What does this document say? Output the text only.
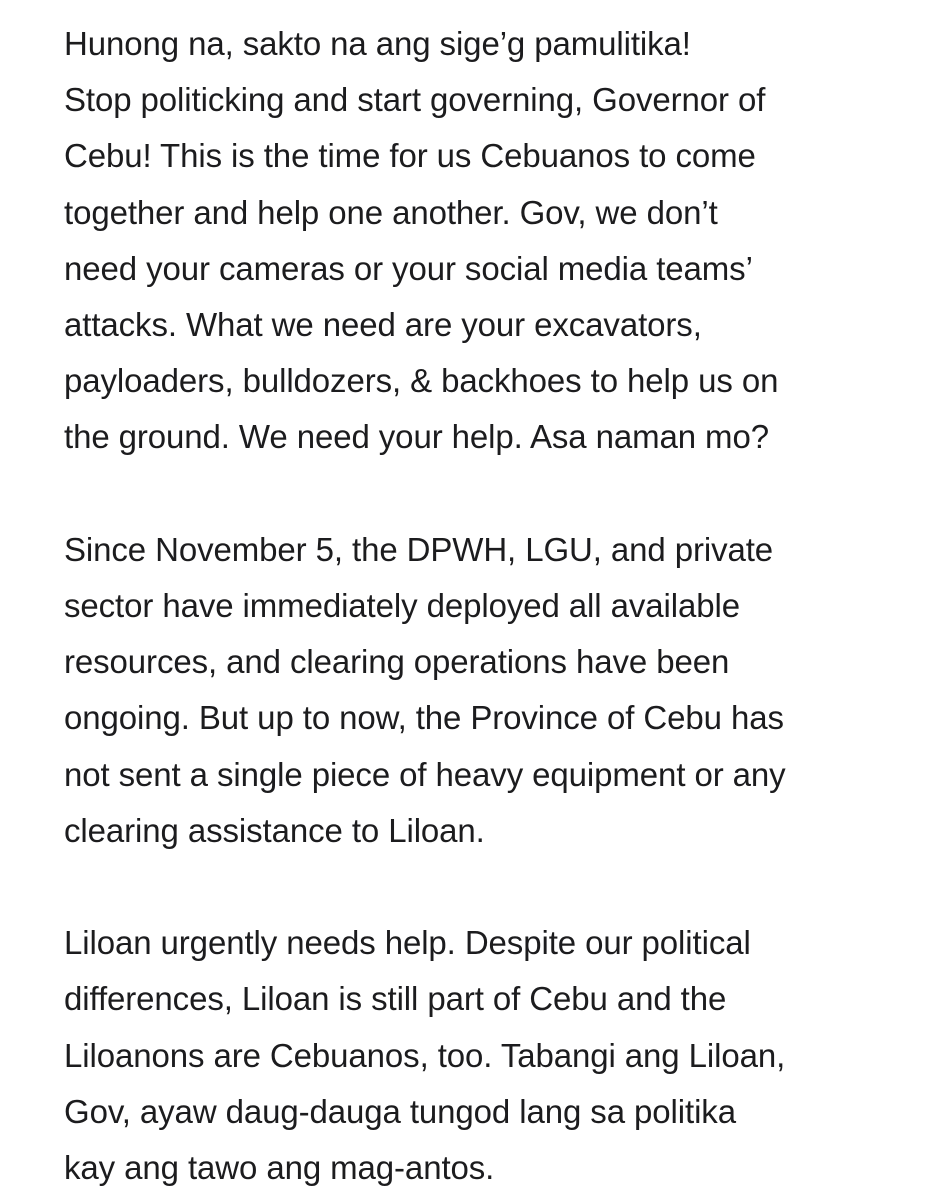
Hunong na, sakto na ang sige’g pamulitika!
Stop politicking and start governing, Governor of
Cebu! This is the time for us Cebuanos to come
together and help one another. Gov, we don’t
need your cameras or your social media teams’
attacks. What we need are your excavators,
payloaders, bulldozers, & backhoes to help us on
the ground. We need your help. Asa naman mo?
Since November 5, the DPWH, LGU, and private
sector have immediately deployed all available
resources, and clearing operations have been
ongoing. But up to now, the Province of Cebu has
not sent a single piece of heavy equipment or any
clearing assistance to Liloan.
Liloan urgently needs help. Despite our political
differences, Liloan is still part of Cebu and the
Liloanons are Cebuanos, too. Tabangi ang Liloan,
Gov, ayaw daug-dauga tungod lang sa politika
kay ang tawo ang mag-antos.
